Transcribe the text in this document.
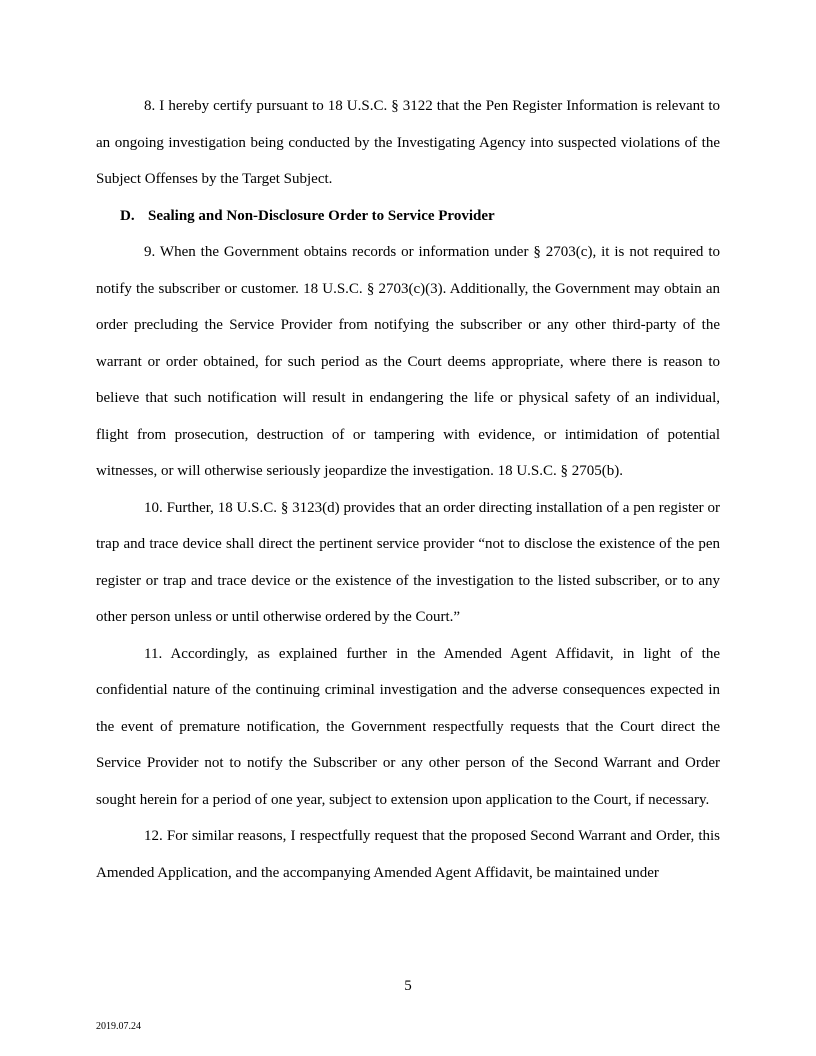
8. I hereby certify pursuant to 18 U.S.C. § 3122 that the Pen Register Information is relevant to an ongoing investigation being conducted by the Investigating Agency into suspected violations of the Subject Offenses by the Target Subject.

D. Sealing and Non-Disclosure Order to Service Provider

9. When the Government obtains records or information under § 2703(c), it is not required to notify the subscriber or customer. 18 U.S.C. § 2703(c)(3). Additionally, the Government may obtain an order precluding the Service Provider from notifying the subscriber or any other third-party of the warrant or order obtained, for such period as the Court deems appropriate, where there is reason to believe that such notification will result in endangering the life or physical safety of an individual, flight from prosecution, destruction of or tampering with evidence, or intimidation of potential witnesses, or will otherwise seriously jeopardize the investigation. 18 U.S.C. § 2705(b).

10. Further, 18 U.S.C. § 3123(d) provides that an order directing installation of a pen register or trap and trace device shall direct the pertinent service provider “not to disclose the existence of the pen register or trap and trace device or the existence of the investigation to the listed subscriber, or to any other person unless or until otherwise ordered by the Court.”

11. Accordingly, as explained further in the Amended Agent Affidavit, in light of the confidential nature of the continuing criminal investigation and the adverse consequences expected in the event of premature notification, the Government respectfully requests that the Court direct the Service Provider not to notify the Subscriber or any other person of the Second Warrant and Order sought herein for a period of one year, subject to extension upon application to the Court, if necessary.

12. For similar reasons, I respectfully request that the proposed Second Warrant and Order, this Amended Application, and the accompanying Amended Agent Affidavit, be maintained under

5
2019.07.24
